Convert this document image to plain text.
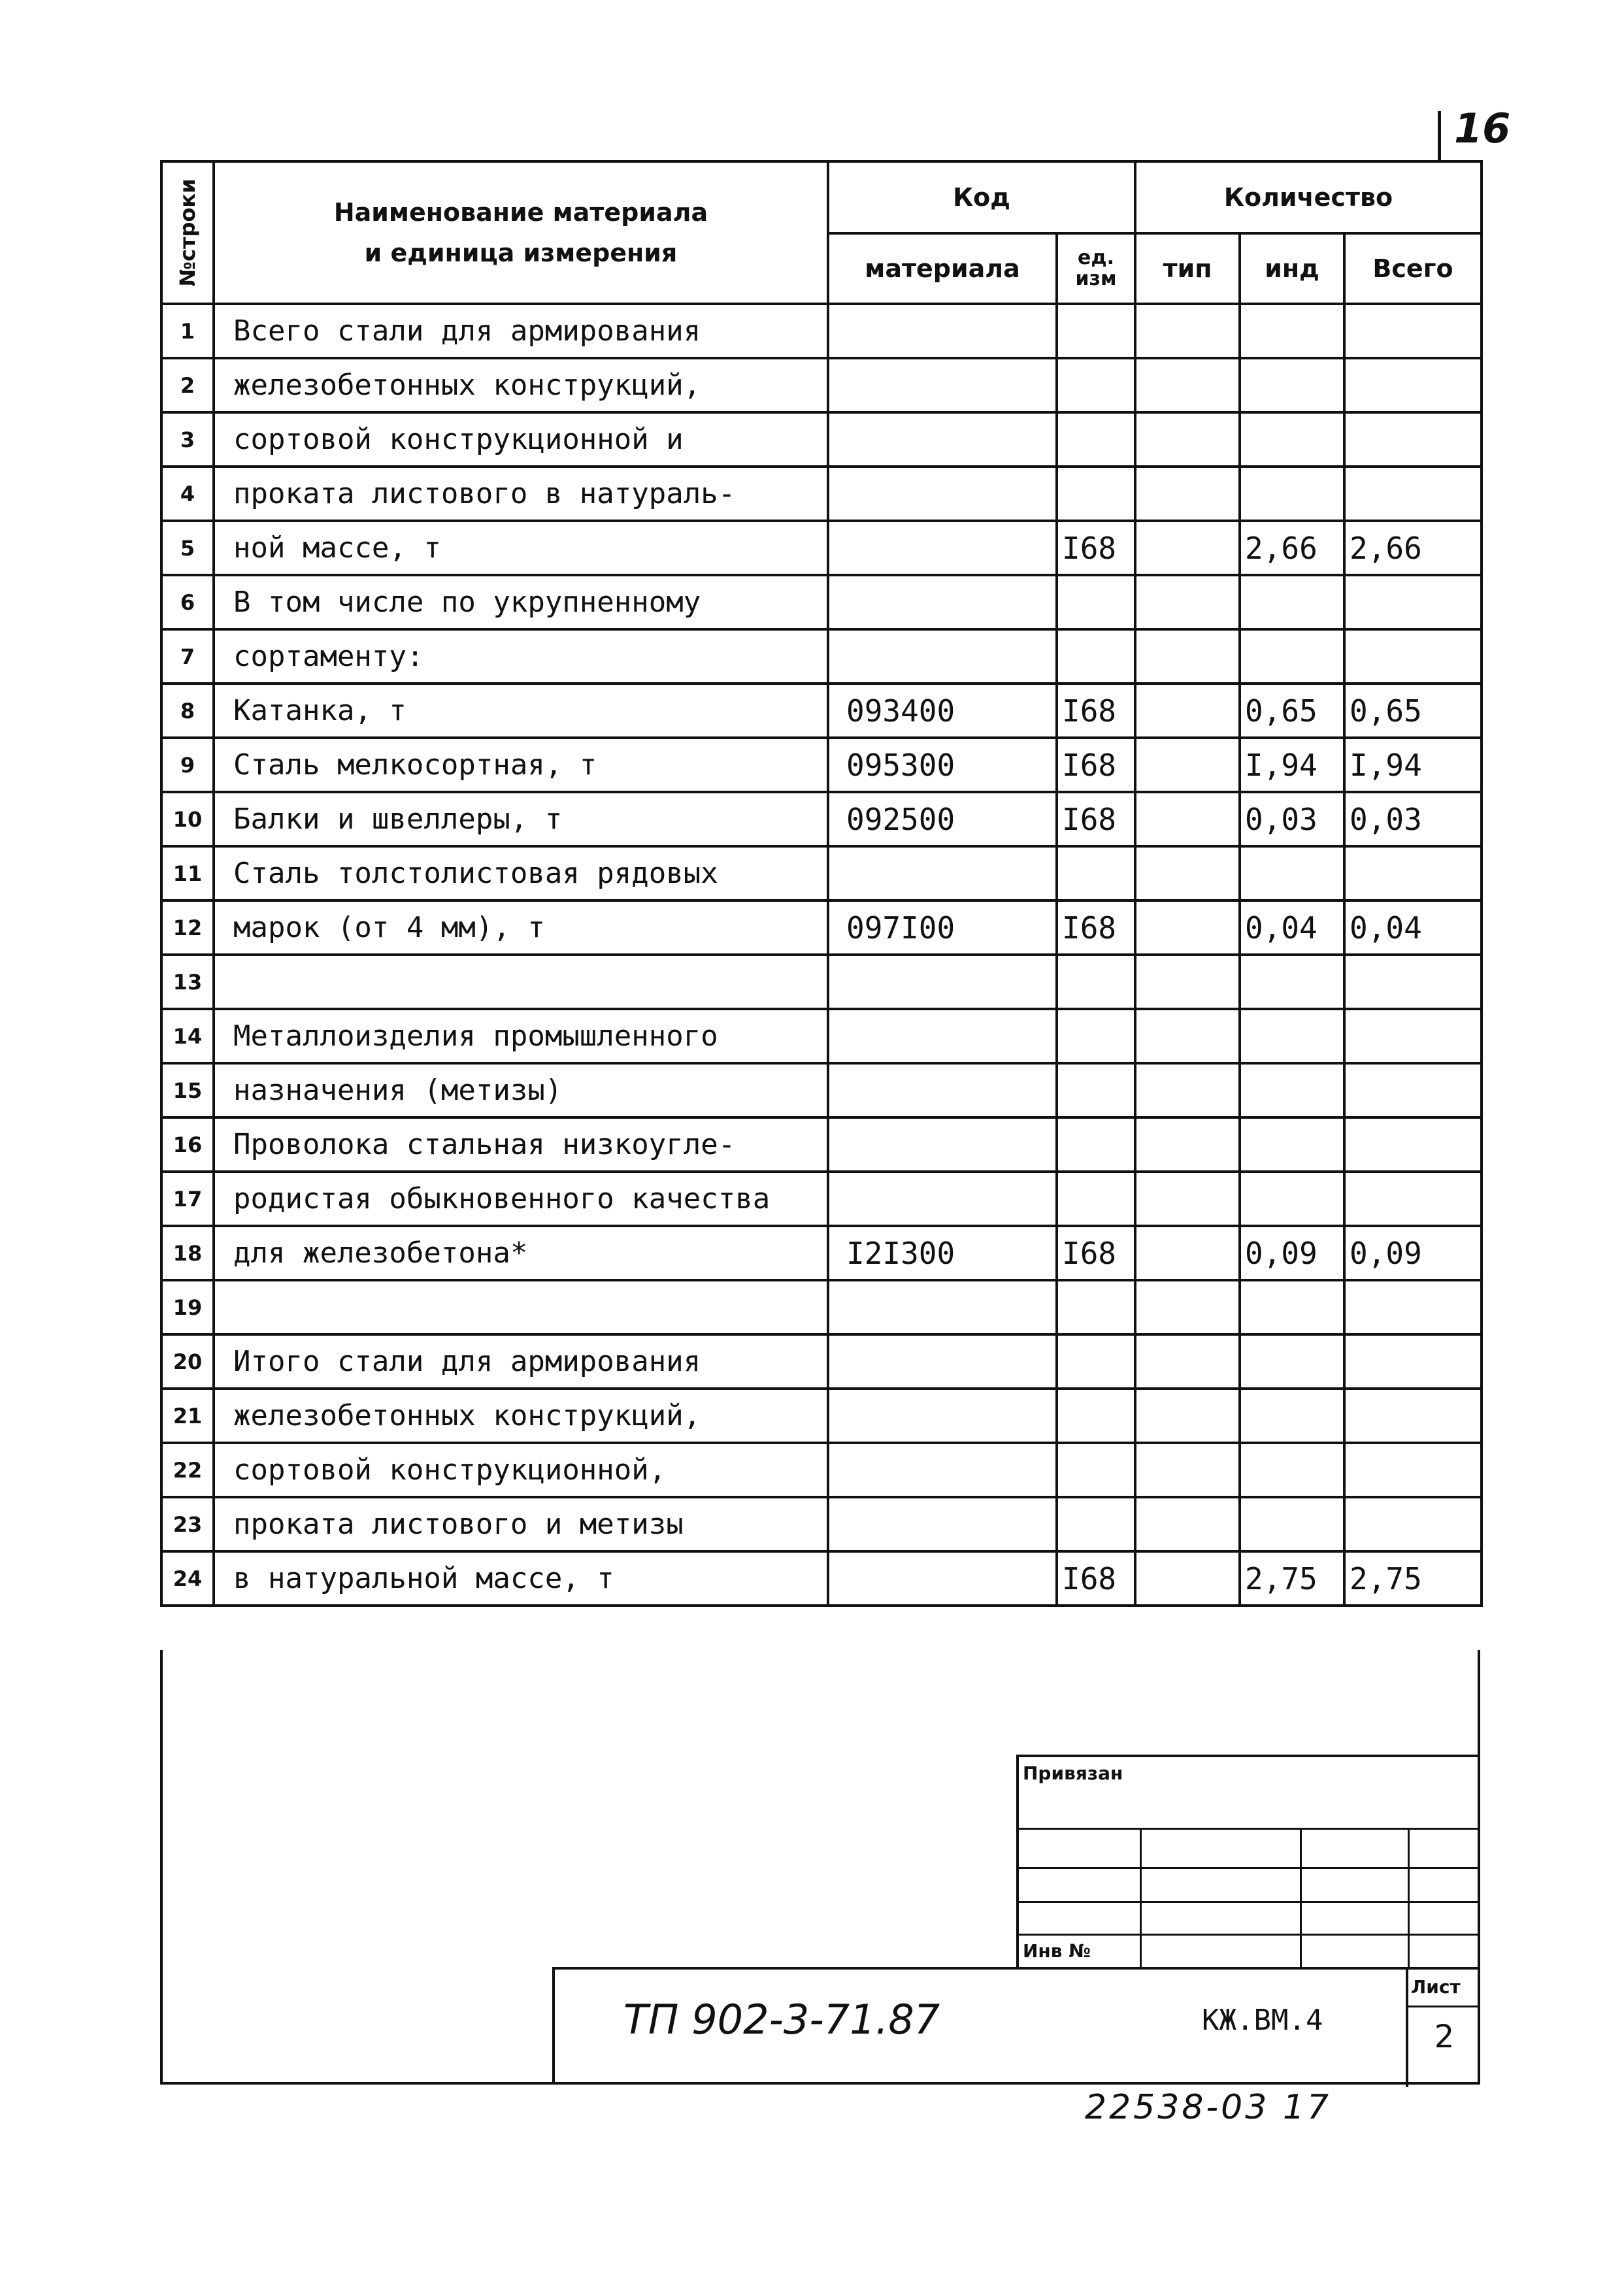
16
№строки	Наименование материала
и единица измерения	Код		Количество		
		материала	ед. изм	тип	инд	Всего
1	Всего стали для армирования					
2	железобетонных конструкций,					
3	сортовой конструкционной и					
4	проката листового в натураль-					
5	ной массе, т		I68		2,66	2,66
6	В том числе по укрупненному					
7	сортаменту:					
8	Катанка, т	093400	I68		0,65	0,65
9	Сталь мелкосортная, т	095300	I68		I,94	I,94
10	Балки и швеллеры, т	092500	I68		0,03	0,03
11	Сталь толстолистовая рядовых					
12	марок (от 4 мм), т	097I00	I68		0,04	0,04
13						
14	Металлоизделия промышленного					
15	назначения (метизы)					
16	Проволока стальная низкоугле-					
17	родистая обыкновенного качества					
18	для железобетона*	I2I300	I68		0,09	0,09
19						
20	Итого стали для армирования					
21	железобетонных конструкций,					
22	сортовой конструкционной,					
23	проката листового и метизы					
24	в натуральной массе, т		I68		2,75	2,75
Привязан
Инв №
ТП 902-3-71.87	КЖ.ВМ.4
Лист
2
22538-03 17
